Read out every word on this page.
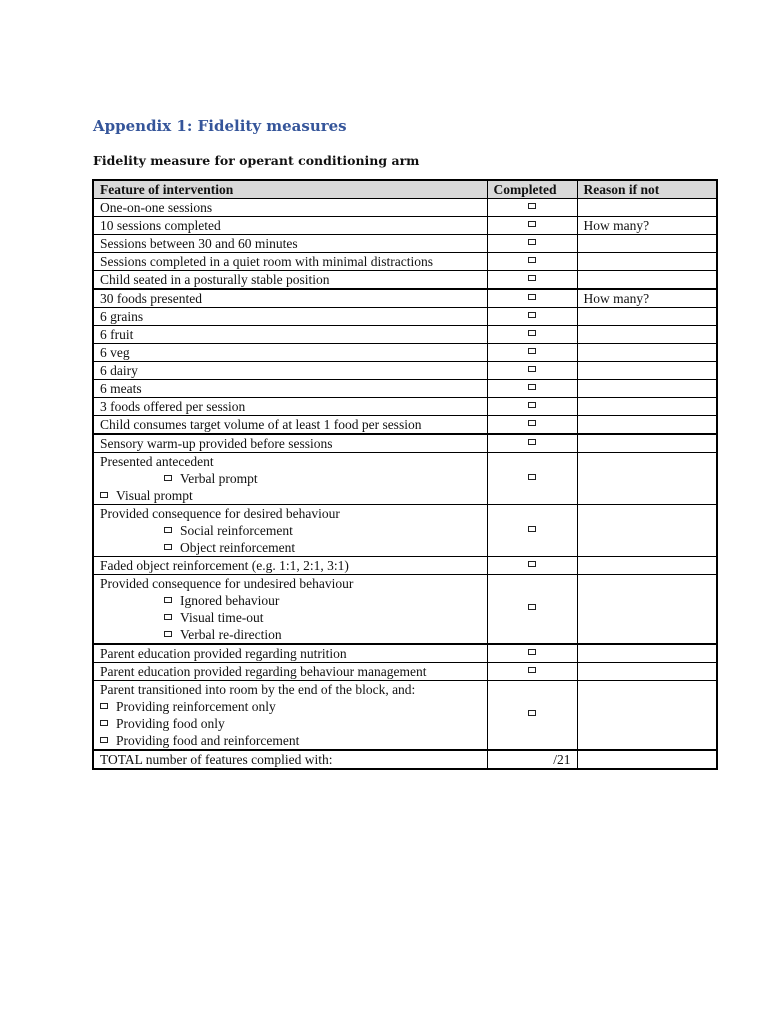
Appendix 1: Fidelity measures
Fidelity measure for operant conditioning arm
Feature of intervention	Completed	Reason if not
One-on-one sessions		
10 sessions completed		How many?
Sessions between 30 and 60 minutes		
Sessions completed in a quiet room with minimal distractions		
Child seated in a posturally stable position		
30 foods presented		How many?
6 grains		
6 fruit		
6 veg		
6 dairy		
6 meats		
3 foods offered per session		
Child consumes target volume of at least 1 food per session		
Sensory warm-up provided before sessions		

Presented antecedent
Verbal prompt
Visual prompt		

Provided consequence for desired behaviour
Social reinforcement
Object reinforcement		

Faded object reinforcement (e.g. 1:1, 2:1, 3:1)		

Provided consequence for undesired behaviour
Ignored behaviour
Visual time-out
Verbal re-direction		

Parent education provided regarding nutrition		
Parent education provided regarding behaviour management		

Parent transitioned into room by the end of the block, and:
Providing reinforcement only
Providing food only
Providing food and reinforcement		

TOTAL number of features complied with:	/21	
